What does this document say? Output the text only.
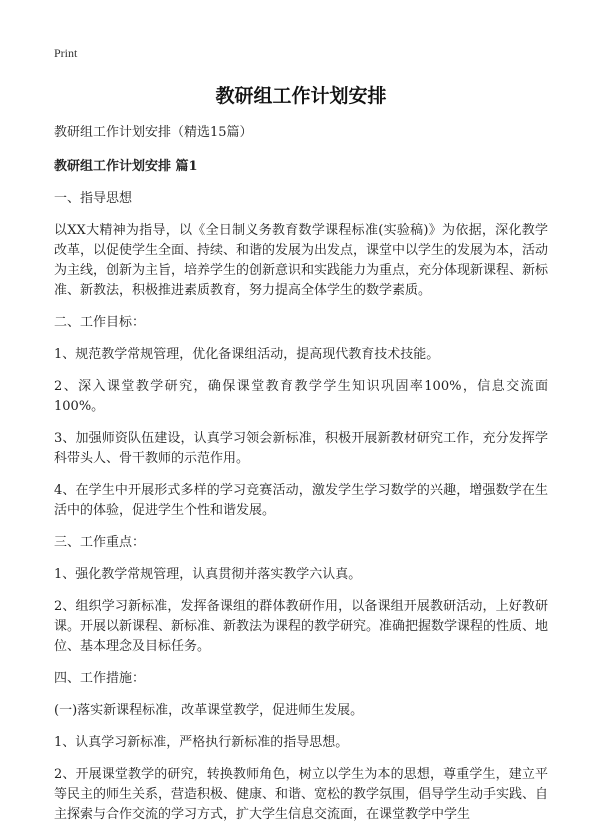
Print
教研组工作计划安排
教研组工作计划安排（精选15篇）
教研组工作计划安排 篇1
一、指导思想
以XX大精神为指导，以《全日制义务教育数学课程标准(实验稿)》为依据，深化教学改革，以促使学生全面、持续、和谐的发展为出发点，课堂中以学生的发展为本，活动为主线，创新为主旨，培养学生的创新意识和实践能力为重点，充分体现新课程、新标准、新教法，积极推进素质教育，努力提高全体学生的数学素质。
二、工作目标：
1、规范教学常规管理，优化备课组活动，提高现代教育技术技能。
2、深入课堂教学研究，确保课堂教育教学学生知识巩固率100%，信息交流面100%。
3、加强师资队伍建设，认真学习领会新标准，积极开展新教材研究工作，充分发挥学科带头人、骨干教师的示范作用。
4、在学生中开展形式多样的学习竞赛活动，激发学生学习数学的兴趣，增强数学在生活中的体验，促进学生个性和谐发展。
三、工作重点：
1、强化教学常规管理，认真贯彻并落实教学六认真。
2、组织学习新标准，发挥备课组的群体教研作用，以备课组开展教研活动，上好教研课。开展以新课程、新标准、新教法为课程的教学研究。准确把握数学课程的性质、地位、基本理念及目标任务。
四、工作措施：
(一)落实新课程标准，改革课堂教学，促进师生发展。
1、认真学习新标准，严格执行新标准的指导思想。
2、开展课堂教学的研究，转换教师角色，树立以学生为本的思想，尊重学生，建立平等民主的师生关系，营造积极、健康、和谐、宽松的教学氛围，倡导学生动手实践、自主探索与合作交流的学习方式，扩大学生信息交流面，在课堂教学中学生
